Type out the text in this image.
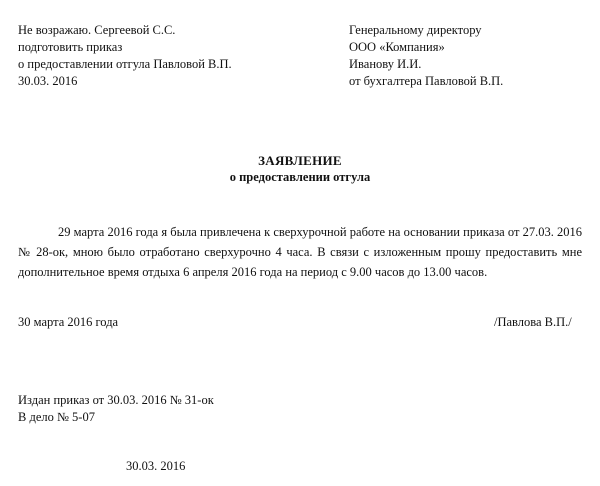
Не возражаю. Сергеевой С.С.
подготовить приказ
о предоставлении отгула Павловой В.П.
30.03. 2016
Генеральному директору
ООО «Компания»
Иванову И.И.
от бухгалтера Павловой В.П.
ЗАЯВЛЕНИЕ
о предоставлении отгула

29 марта 2016 года я была привлечена к сверхурочной работе на основании приказа от 27.03. 2016 № 28-ок, мною было отработано сверхурочно 4 часа. В связи с изложенным прошу предоставить мне дополнительное время отдыха 6 апреля 2016 года на период с 9.00 часов до 13.00 часов.

30 марта 2016 года	/Павлова В.П./
Издан приказ от 30.03. 2016 № 31-ок
В дело № 5-07
30.03. 2016
